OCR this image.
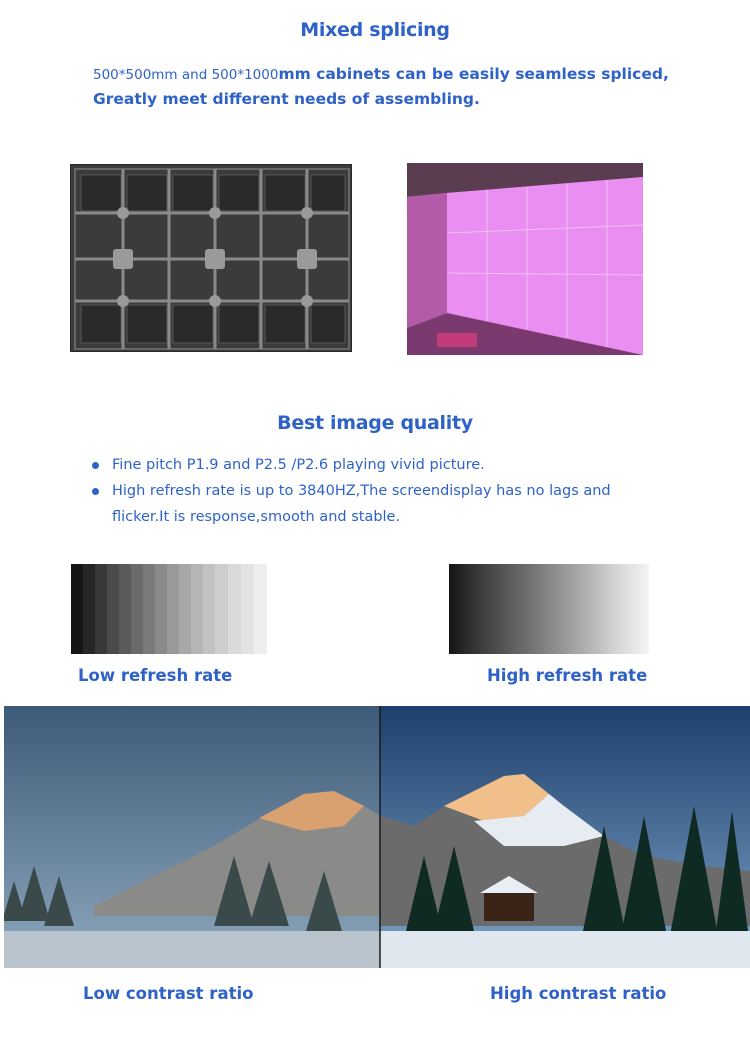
Mixed splicing
500*500mm and 500*1000mm cabinets can be easily seamless spliced,
Greatly meet different needs of assembling.
Best image quality
Fine pitch P1.9 and P2.5 /P2.6 playing vivid picture.
High refresh rate is up to 3840HZ,The screendisplay has no lags and flicker.It is response,smooth and stable.
Low refresh rate	High refresh rate
Low contrast ratio	High contrast ratio
